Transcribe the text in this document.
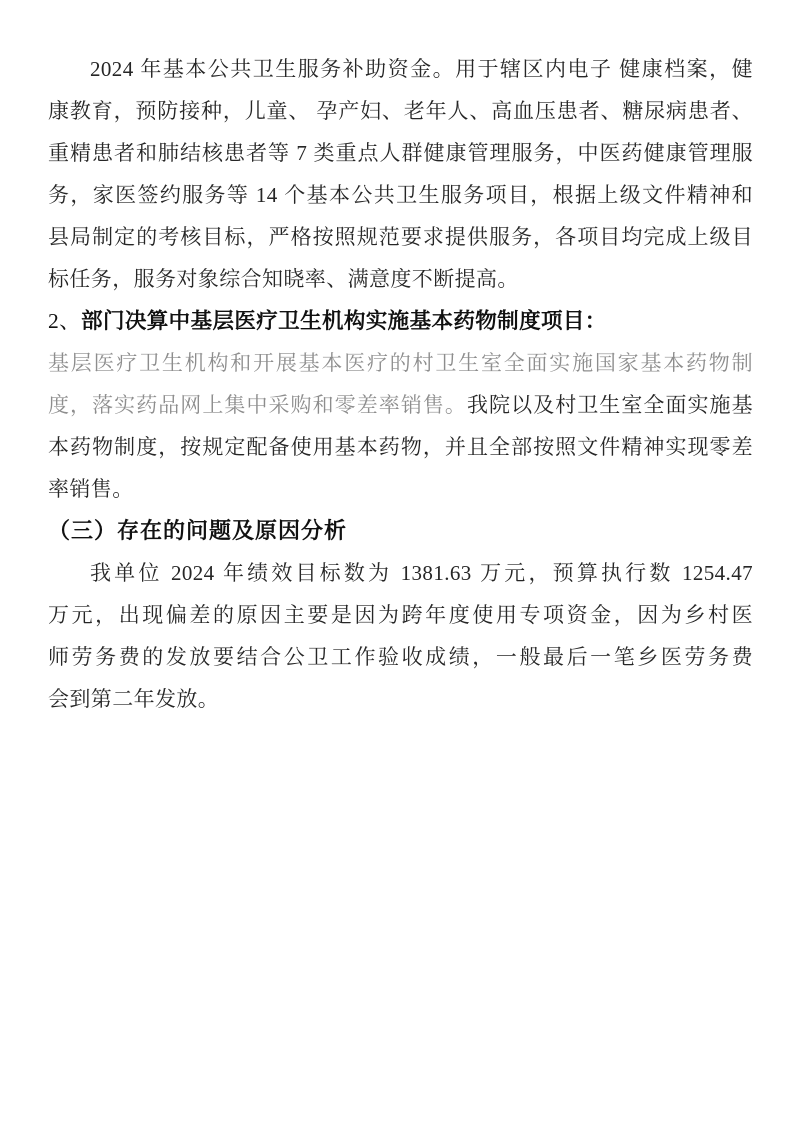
2024 年基本公共卫生服务补助资金。用于辖区内电子 健康档案，健
康教育，预防接种，儿童、 孕产妇、老年人、高血压患者、糖尿病患者、
重精患者和肺结核患者等 7 类重点人群健康管理服务，中医药健康管理服
务，家医签约服务等 14 个基本公共卫生服务项目，根据上级文件精神和
县局制定的考核目标，严格按照规范要求提供服务，各项目均完成上级目
标任务，服务对象综合知晓率、满意度不断提高。
2、部门决算中基层医疗卫生机构实施基本药物制度项目：
基层医疗卫生机构和开展基本医疗的村卫生室全面实施国家基本药物制
度，落实药品网上集中采购和零差率销售。我院以及村卫生室全面实施基
本药物制度，按规定配备使用基本药物，并且全部按照文件精神实现零差
率销售。
（三）存在的问题及原因分析
我单位 2024 年绩效目标数为 1381.63 万元，预算执行数 1254.47
万元，出现偏差的原因主要是因为跨年度使用专项资金，因为乡村医
师劳务费的发放要结合公卫工作验收成绩，一般最后一笔乡医劳务费
会到第二年发放。
